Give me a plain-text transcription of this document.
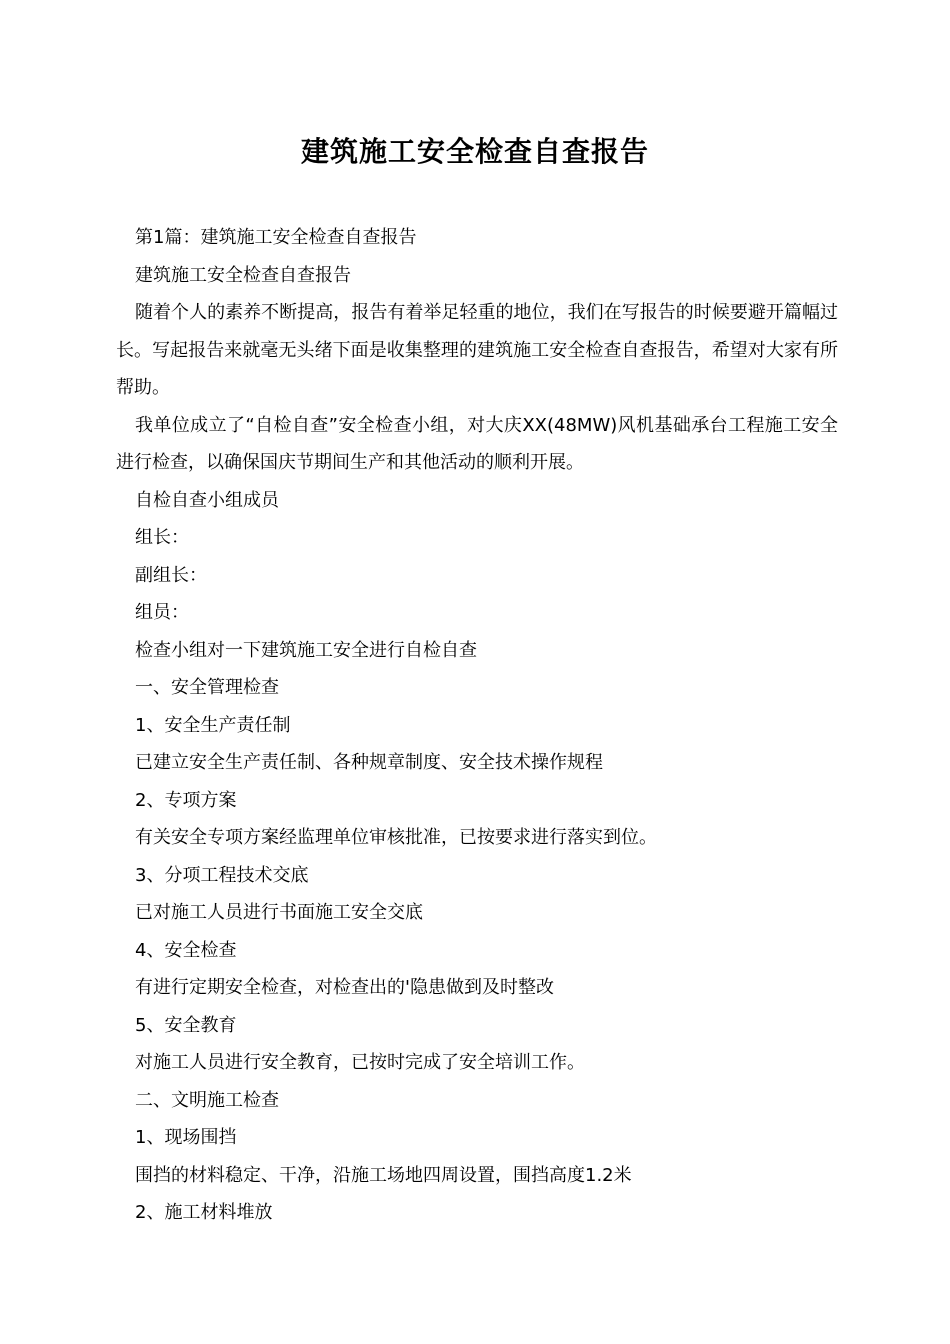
建筑施工安全检查自查报告

第1篇：建筑施工安全检查自查报告

建筑施工安全检查自查报告

随着个人的素养不断提高，报告有着举足轻重的地位，我们在写报告的时候要避开篇幅过长。写起报告来就毫无头绪下面是收集整理的建筑施工安全检查自查报告，希望对大家有所帮助。

我单位成立了“自检自查”安全检查小组，对大庆XX(48MW)风机基础承台工程施工安全进行检查，以确保国庆节期间生产和其他活动的顺利开展。

自检自查小组成员

组长：

副组长：

组员：

检查小组对一下建筑施工安全进行自检自查

一、安全管理检查

1、安全生产责任制

已建立安全生产责任制、各种规章制度、安全技术操作规程

2、专项方案

有关安全专项方案经监理单位审核批准，已按要求进行落实到位。

3、分项工程技术交底

已对施工人员进行书面施工安全交底

4、安全检查

有进行定期安全检查，对检查出的'隐患做到及时整改

5、安全教育

对施工人员进行安全教育，已按时完成了安全培训工作。

二、文明施工检查

1、现场围挡

围挡的材料稳定、干净，沿施工场地四周设置，围挡高度1.2米

2、施工材料堆放
